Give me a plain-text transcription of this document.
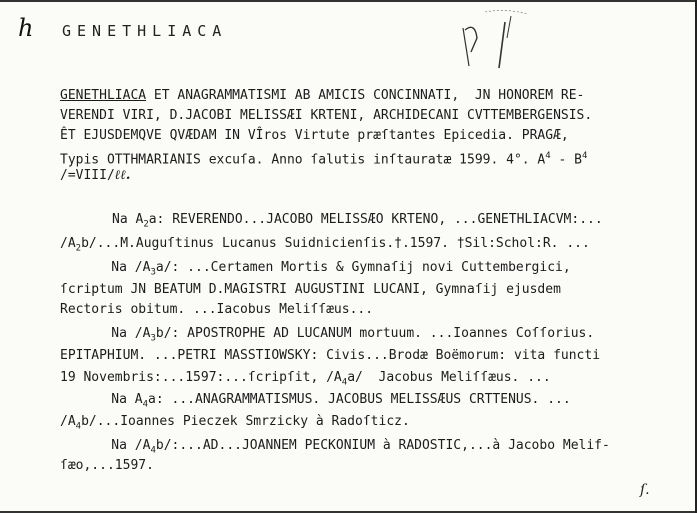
h GENETHLIACA
GENETHLIACA ET ANAGRAMMATISMI AB AMICIS CONCINNATI,  JN HONOREM RE-
VERENDI VIRI, D.JACOBI MELISSÆI KRTENI, ARCHIDECANI CVTTEMBERGENSIS.
ÊT EJUSDEMQVE QVÆDAM IN VÎros Virtute præſtantes Epicedia. PRAGÆ,
Typis OTTHMARIANIS excuſa. Anno ſalutis inſtauratæ 1599. 4°. $A^4 - B^4$
/=VIII/ℓℓ.
Na $A_2a$: REVERENDO...JACOBO MELISSÆO KRTENO, ...GENETHLIACVM:...
$/A_2b/...M.Auguſtinus$ Lucanus Suidnicienſis.†.1597. †Sil:Schol:R. ...
Na $/A_3a/$: ...Certamen Mortis & Gymnaſij novi Cuttembergici,
ſcriptum JN BEATUM D.MAGISTRI AUGUSTINI LUCANI, Gymnaſij ejusdem
Rectoris obitum. ...Iacobus Meliſſæus...
Na $/A_3b/$: APOSTROPHE AD LUCANUM mortuum. ...Ioannes Coſſorius.
EPITAPHIUM. ...PETRI MASSTIOWSKY: Civis...Brodæ Boëmorum: vita functi
19 Novembris:...1597:...ſcripſit, $/A_4a/$  Jacobus Meliſſæus. ...
Na $A_4a$: ...ANAGRAMMATISMUS. JACOBUS MELISSÆUS CRTTENUS. ...
$/A_4b/...Ioannes$ Pieczek Smrzicky à Radoſticz.
Na $/A_4b/:...AD...JOANNEM$ PECKONIUM à RADOSTIC,...à Jacobo Melif-
ſæo,...1597.
ſ.
